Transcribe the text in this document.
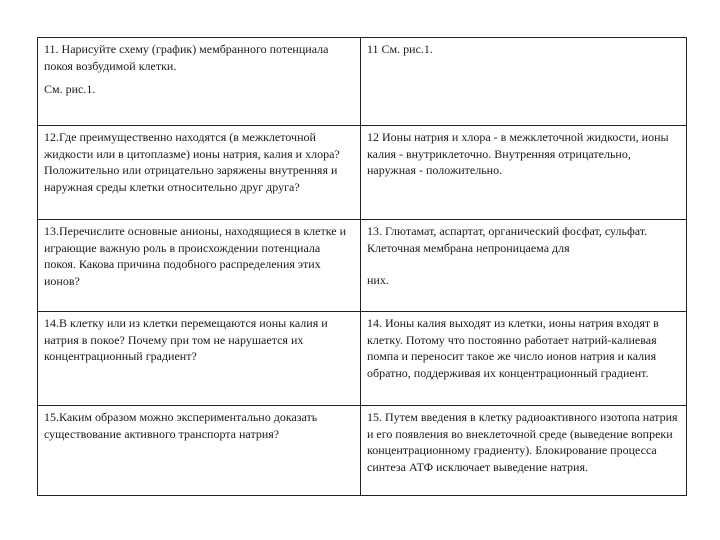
11. Нарисуйте схему (график) мембранного потенциала покоя возбудимой клетки.
См. рис.1.	11 См. рис.1.

12.Где преимущественно находятся (в межклеточной жидкости или в цитоплазме) ионы натрия, калия и хлора? Положительно или отрицательно заряжены внутренняя и наружная среды клетки относительно друг друга?	12 Ионы натрия и хлора - в межклеточной жидкости, ионы калия - внутриклеточно. Внутренняя отрицательно, наружная - положительно.

13.Перечислите основные анионы, находящиеся в клетке и играющие важную роль в происхождении потенциала покоя. Какова причина подобного распределения этих ионов?	13. Глютамат, аспартат, органический фосфат, сульфат. Клеточная мембрана непроницаема для
них.

14.В клетку или из клетки перемещаются ионы калия и натрия в покое? Почему при том не нарушается их концентрационный градиент?	14. Ионы калия выходят из клетки, ионы натрия входят в клетку. Потому что постоянно работает натрий-калиевая помпа и переносит такое же число ионов натрия и калия обратно, поддерживая их концентрационный градиент.

15.Каким образом можно экспериментально доказать существование активного транспорта натрия?	15. Путем введения в клетку радиоактивного изотопа натрия и его появления во внеклеточной среде (выведение вопреки концентрационному градиенту). Блокирование процесса синтеза АТФ исключает выведение натрия.
